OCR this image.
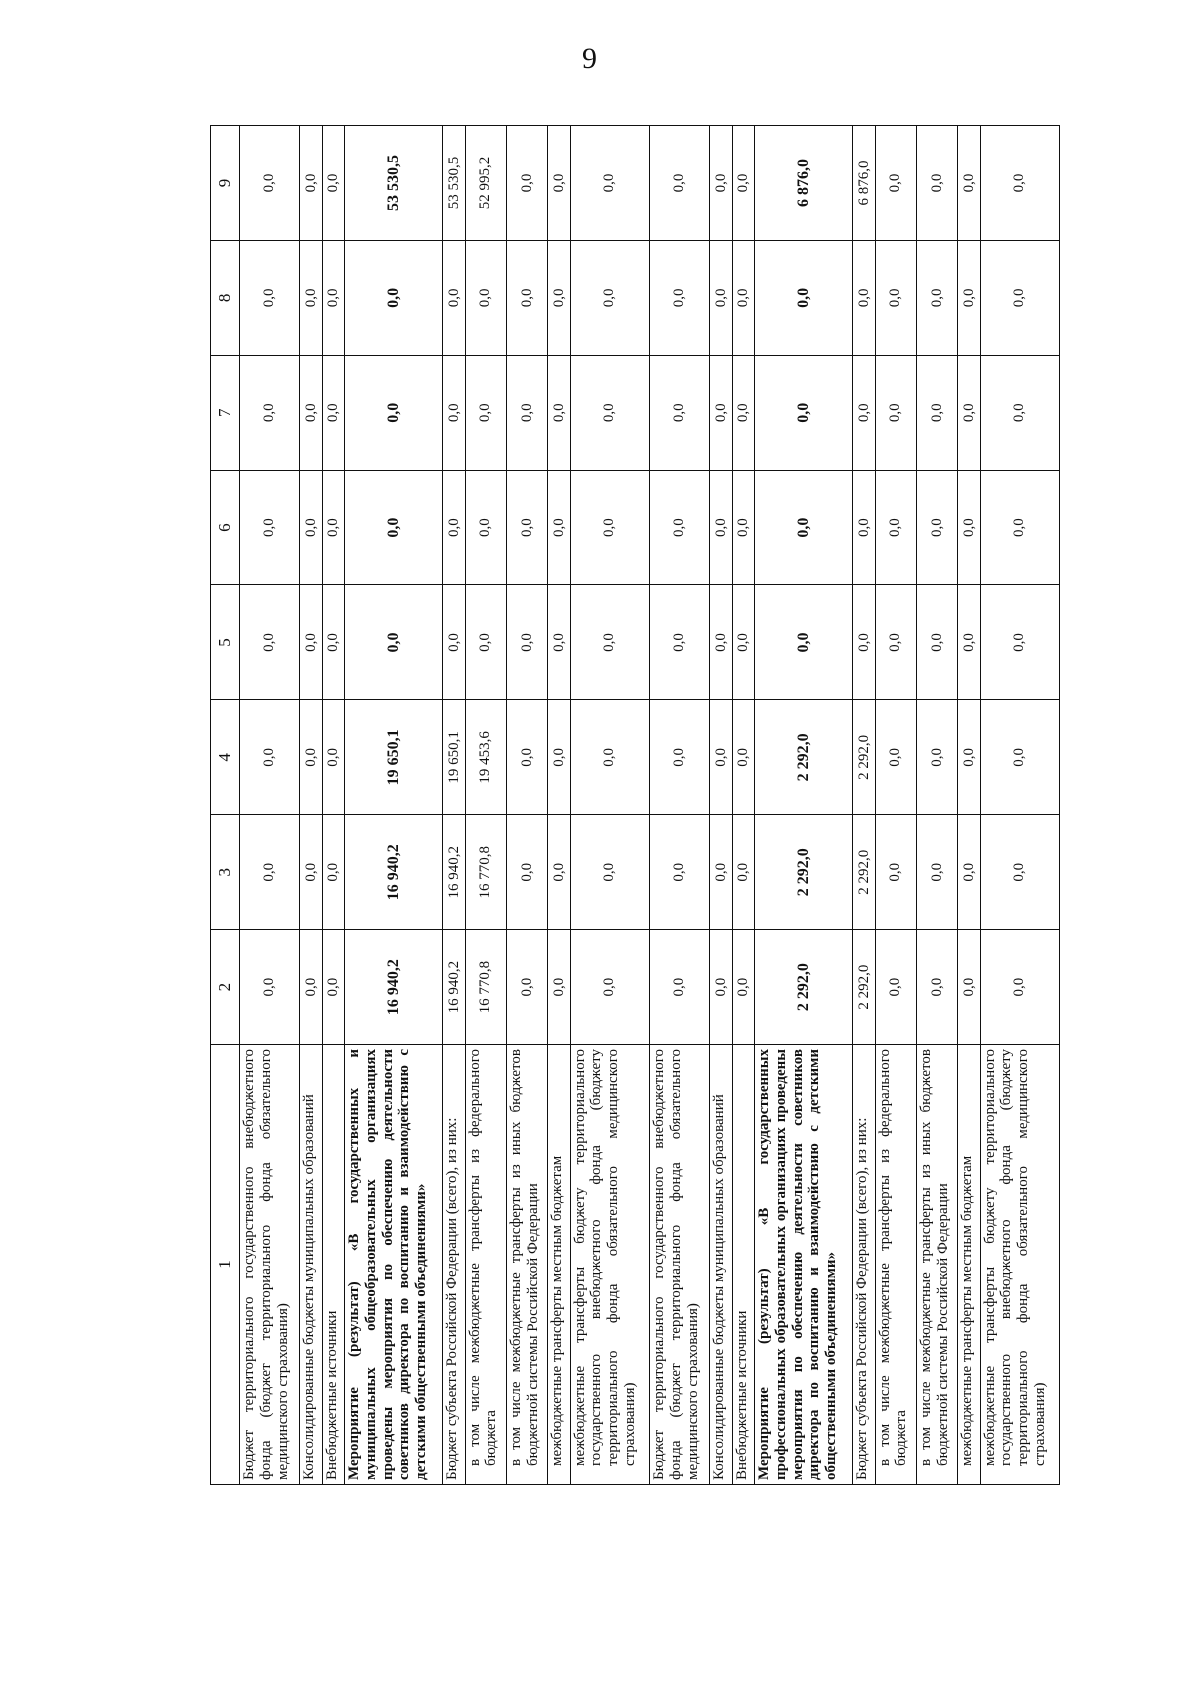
9
1	2	3	4	5	6	7	8	9
Бюджет территориального государственного внебюджетного фонда (бюджет территориального фонда обязательного медицинского страхования)	0,0	0,0	0,0	0,0	0,0	0,0	0,0	0,0
Консолидированные бюджеты муниципальных образований	0,0	0,0	0,0	0,0	0,0	0,0	0,0	0,0
Внебюджетные источники	0,0	0,0	0,0	0,0	0,0	0,0	0,0	0,0
Мероприятие (результат) «В государственных и муниципальных общеобразовательных организациях проведены мероприятия по обеспечению деятельности советников директора по воспитанию и взаимодействию с детскими общественными объединениями»	16 940,2	16 940,2	19 650,1	0,0	0,0	0,0	0,0	53 530,5
Бюджет субъекта Российской Федерации (всего), из них:	16 940,2	16 940,2	19 650,1	0,0	0,0	0,0	0,0	53 530,5
в том числе межбюджетные трансферты из федерального бюджета	16 770,8	16 770,8	19 453,6	0,0	0,0	0,0	0,0	52 995,2
в том числе межбюджетные трансферты из иных бюджетов бюджетной системы Российской Федерации	0,0	0,0	0,0	0,0	0,0	0,0	0,0	0,0
межбюджетные трансферты местным бюджетам	0,0	0,0	0,0	0,0	0,0	0,0	0,0	0,0
межбюджетные трансферты бюджету территориального государственного внебюджетного фонда (бюджету территориального фонда обязательного медицинского страхования)	0,0	0,0	0,0	0,0	0,0	0,0	0,0	0,0
Бюджет территориального государственного внебюджетного фонда (бюджет территориального фонда обязательного медицинского страхования)	0,0	0,0	0,0	0,0	0,0	0,0	0,0	0,0
Консолидированные бюджеты муниципальных образований	0,0	0,0	0,0	0,0	0,0	0,0	0,0	0,0
Внебюджетные источники	0,0	0,0	0,0	0,0	0,0	0,0	0,0	0,0
Мероприятие (результат) «В государственных профессиональных образовательных организациях проведены мероприятия по обеспечению деятельности советников директора по воспитанию и взаимодействию с детскими общественными объединениями»	2 292,0	2 292,0	2 292,0	0,0	0,0	0,0	0,0	6 876,0
Бюджет субъекта Российской Федерации (всего), из них:	2 292,0	2 292,0	2 292,0	0,0	0,0	0,0	0,0	6 876,0
в том числе межбюджетные трансферты из федерального бюджета	0,0	0,0	0,0	0,0	0,0	0,0	0,0	0,0
в том числе межбюджетные трансферты из иных бюджетов бюджетной системы Российской Федерации	0,0	0,0	0,0	0,0	0,0	0,0	0,0	0,0
межбюджетные трансферты местным бюджетам	0,0	0,0	0,0	0,0	0,0	0,0	0,0	0,0
межбюджетные трансферты бюджету территориального государственного внебюджетного фонда (бюджету территориального фонда обязательного медицинского страхования)	0,0	0,0	0,0	0,0	0,0	0,0	0,0	0,0
